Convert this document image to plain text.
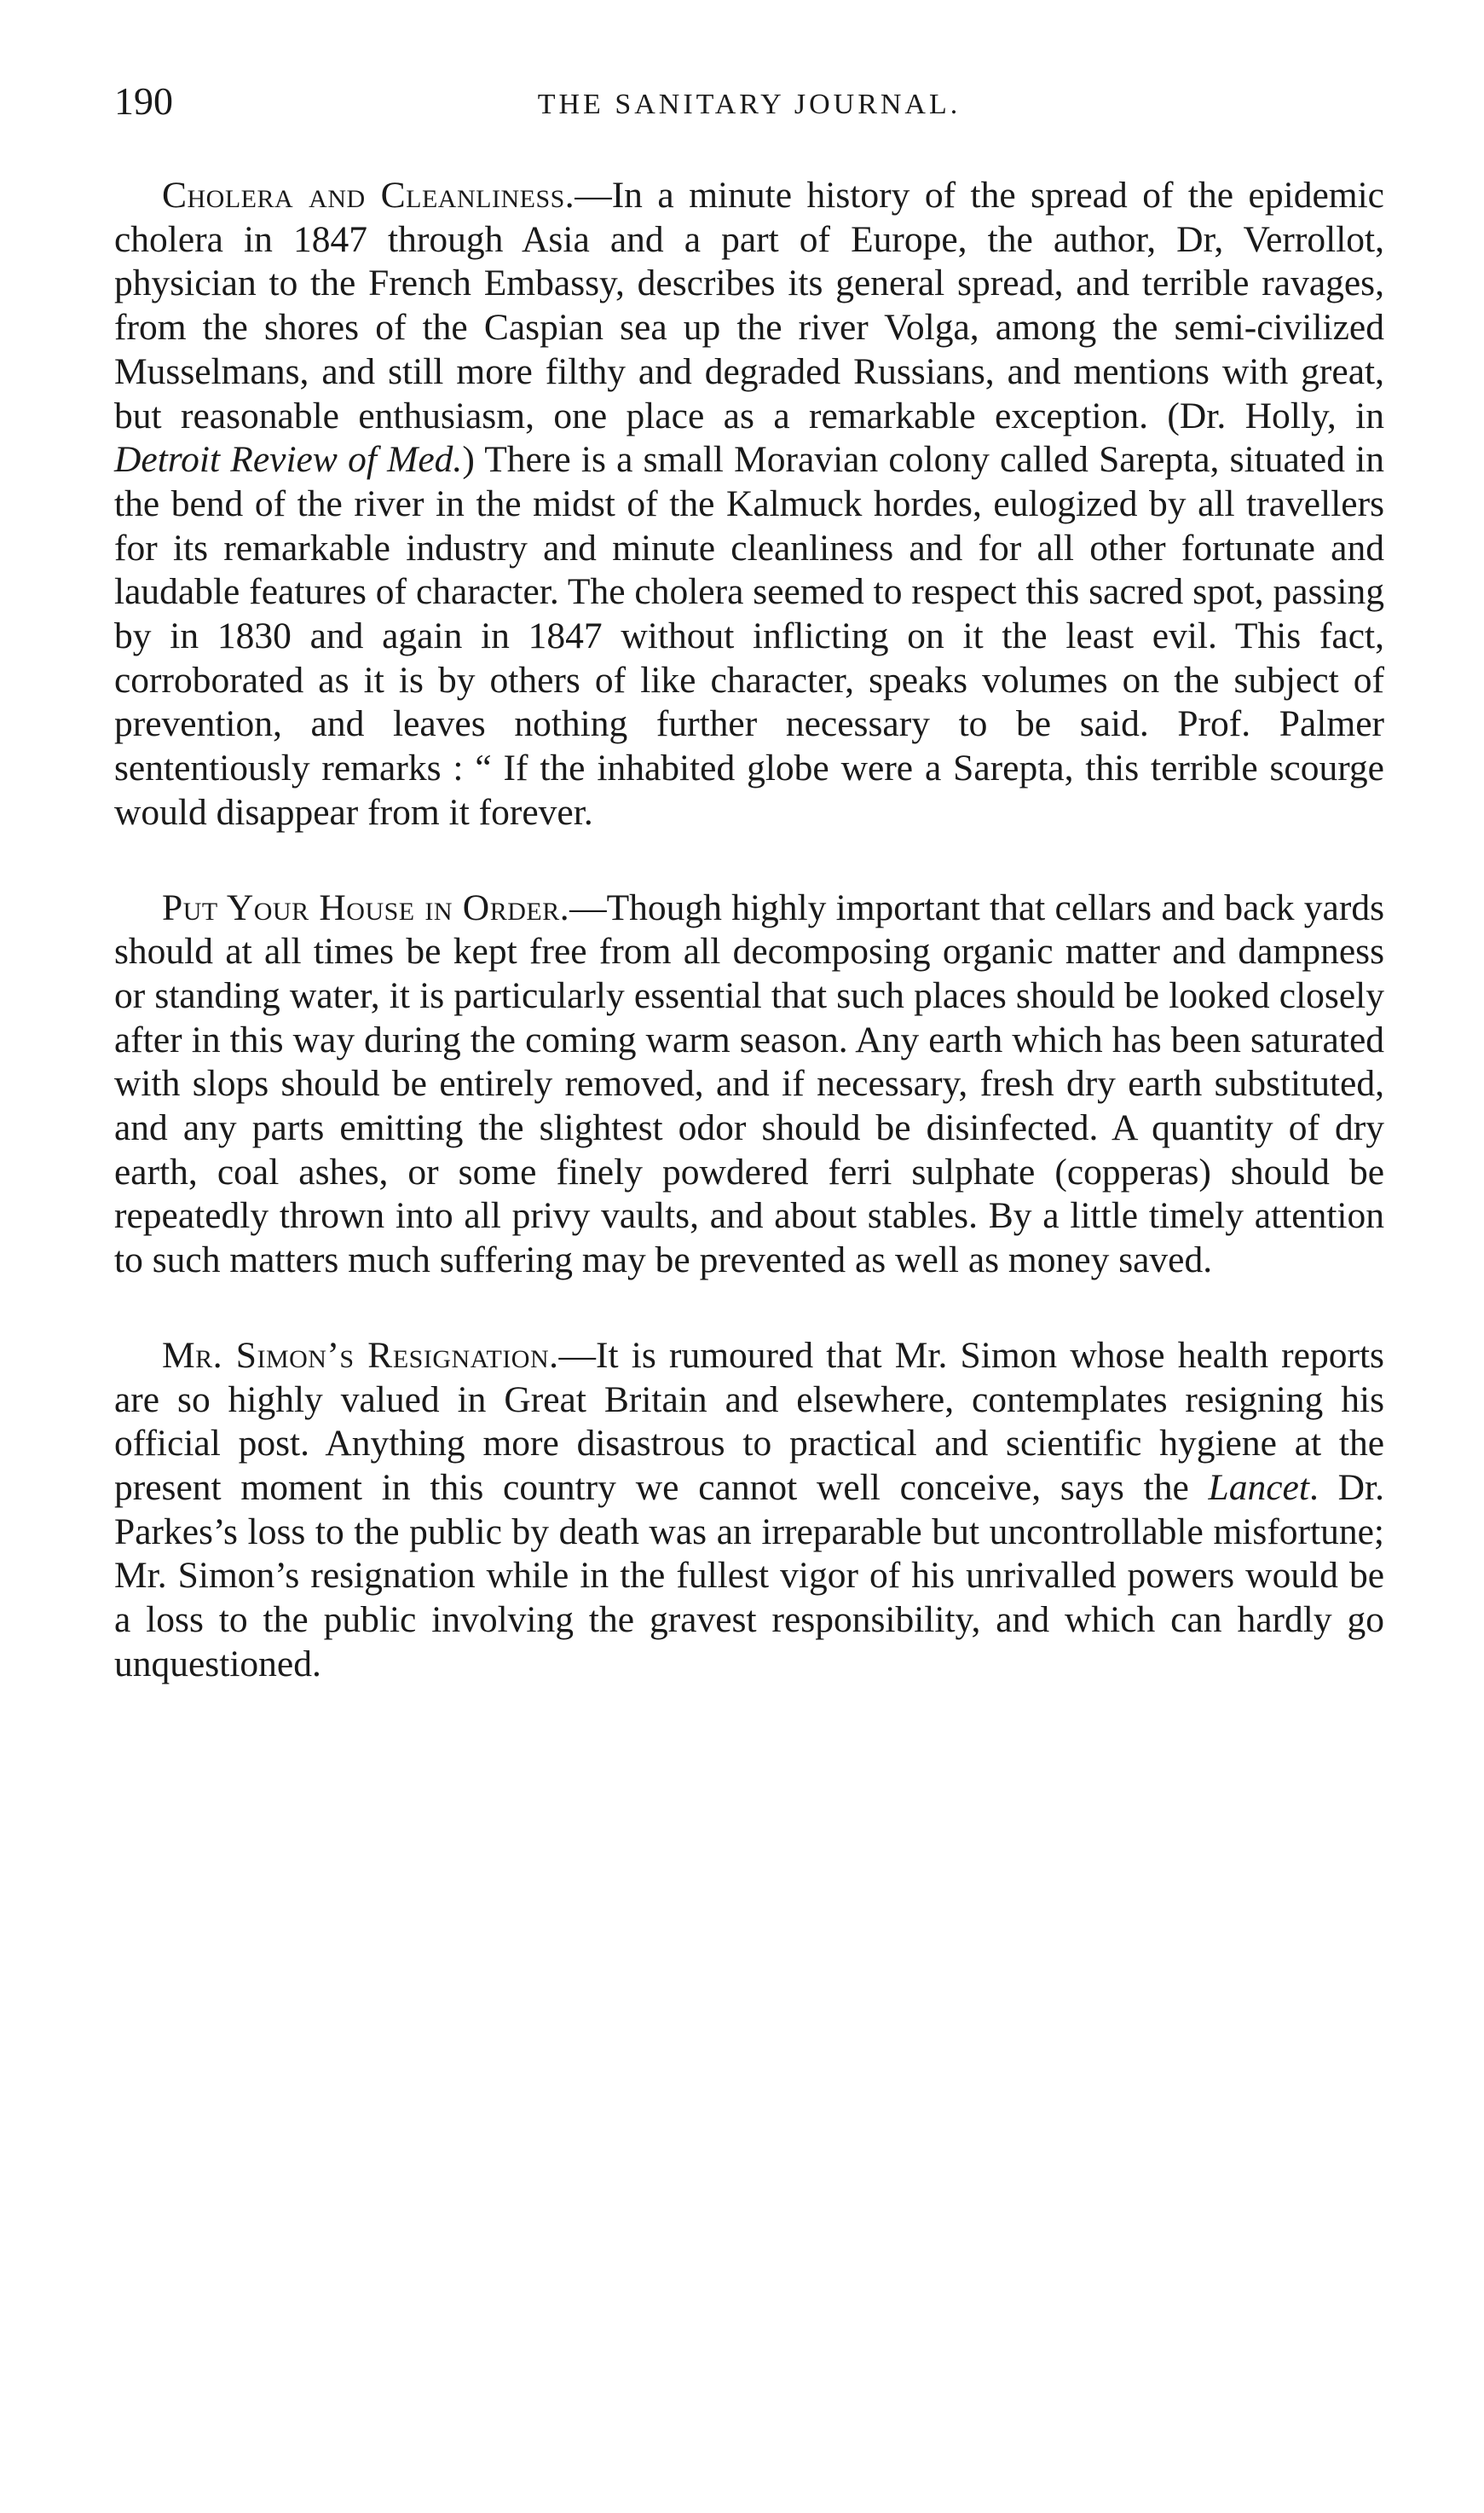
190	THE SANITARY JOURNAL.

Cholera and Cleanliness.—In a minute history of the spread of the epidemic cholera in 1847 through Asia and a part of Europe, the author, Dr, Verrollot, physician to the French Embassy, describes its general spread, and terrible ravages, from the shores of the Caspian sea up the river Volga, among the semi-civilized Musselmans, and still more filthy and degraded Russians, and mentions with great, but reasonable enthusiasm, one place as a remarkable exception. (Dr. Holly, in Detroit Review of Med.) There is a small Moravian colony called Sarepta, situated in the bend of the river in the midst of the Kalmuck hordes, eulogized by all travellers for its remarkable industry and minute cleanliness and for all other fortunate and laudable features of character. The cholera seemed to respect this sacred spot, passing by in 1830 and again in 1847 without inflicting on it the least evil. This fact, corroborated as it is by others of like character, speaks volumes on the subject of prevention, and leaves nothing further necessary to be said. Prof. Palmer sententiously remarks : “ If the inhabited globe were a Sarepta, this terrible scourge would disappear from it forever.

Put Your House in Order.—Though highly important that cellars and back yards should at all times be kept free from all decomposing organic matter and dampness or standing water, it is particularly essential that such places should be looked closely after in this way during the coming warm season. Any earth which has been saturated with slops should be entirely removed, and if necessary, fresh dry earth substituted, and any parts emitting the slightest odor should be disinfected. A quantity of dry earth, coal ashes, or some finely powdered ferri sulphate (copperas) should be repeatedly thrown into all privy vaults, and about stables. By a little timely attention to such matters much suffering may be prevented as well as money saved.

Mr. Simon’s Resignation.—It is rumoured that Mr. Simon whose health reports are so highly valued in Great Britain and elsewhere, contemplates resigning his official post. Anything more disastrous to practical and scientific hygiene at the present moment in this country we cannot well conceive, says the Lancet. Dr. Parkes’s loss to the public by death was an irreparable but uncontrollable misfortune; Mr. Simon’s resignation while in the fullest vigor of his unrivalled powers would be a loss to the public involving the gravest responsibility, and which can hardly go unquestioned.
